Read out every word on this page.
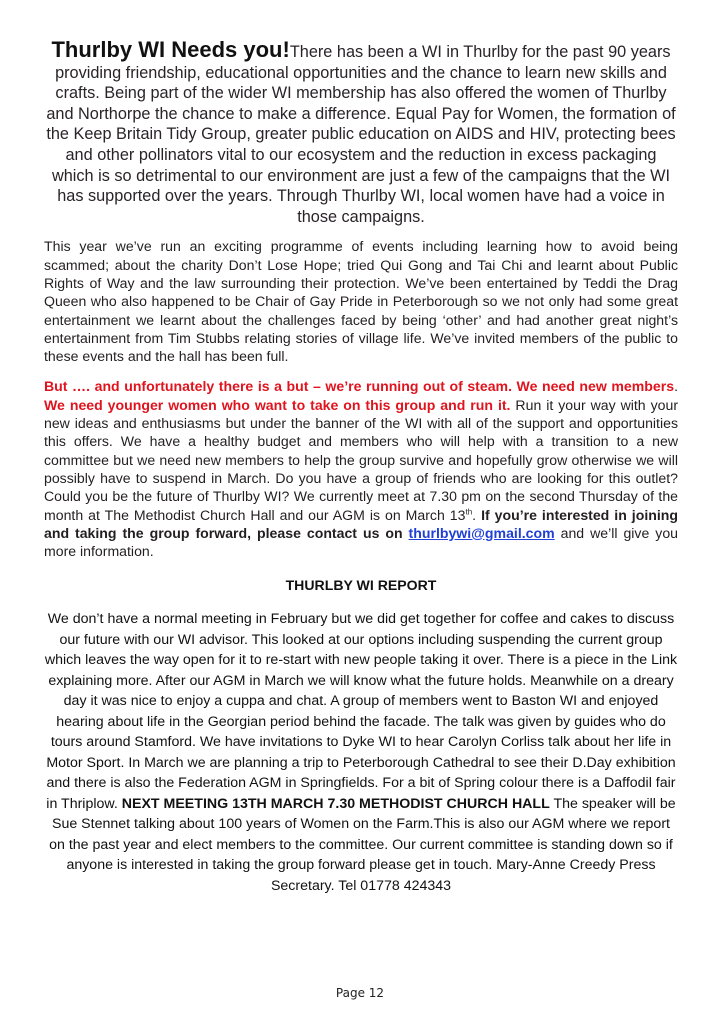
Thurlby WI Needs you!There has been a WI in Thurlby for the past 90 years providing friendship, educational opportunities and the chance to learn new skills and crafts. Being part of the wider WI membership has also offered the women of Thurlby and Northorpe the chance to make a difference. Equal Pay for Women, the formation of the Keep Britain Tidy Group, greater public education on AIDS and HIV, protecting bees and other pollinators vital to our ecosystem and the reduction in excess packaging which is so detrimental to our environment are just a few of the campaigns that the WI has supported over the years. Through Thurlby WI, local women have had a voice in those campaigns.

This year we’ve run an exciting programme of events including learning how to avoid being scammed; about the charity Don’t Lose Hope; tried Qui Gong and Tai Chi and learnt about Public Rights of Way and the law surrounding their protection. We’ve been entertained by Teddi the Drag Queen who also happened to be Chair of Gay Pride in Peterborough so we not only had some great entertainment we learnt about the challenges faced by being ‘other’ and had another great night’s entertainment from Tim Stubbs relating stories of village life. We’ve invited members of the public to these events and the hall has been full.

But …. and unfortunately there is a but – we’re running out of steam. We need new members. We need younger women who want to take on this group and run it. Run it your way with your new ideas and enthusiasms but under the banner of the WI with all of the support and opportunities this offers. We have a healthy budget and members who will help with a transition to a new committee but we need new members to help the group survive and hopefully grow otherwise we will possibly have to suspend in March. Do you have a group of friends who are looking for this outlet? Could you be the future of Thurlby WI? We currently meet at 7.30 pm on the second Thursday of the month at The Methodist Church Hall and our AGM is on March 13th. If you’re interested in joining and taking the group forward, please contact us on thurlbywi@gmail.com and we’ll give you more information.

THURLBY WI REPORT

We don’t have a normal meeting in February but we did get together for coffee and cakes to discuss our future with our WI advisor. This looked at our options including suspending the current group which leaves the way open for it to re-start with new people taking it over. There is a piece in the Link explaining more. After our AGM in March we will know what the future holds. Meanwhile on a dreary day it was nice to enjoy a cuppa and chat. A group of members went to Baston WI and enjoyed hearing about life in the Georgian period behind the facade. The talk was given by guides who do tours around Stamford. We have invitations to Dyke WI to hear Carolyn Corliss talk about her life in Motor Sport. In March we are planning a trip to Peterborough Cathedral to see their D.Day exhibition and there is also the Federation AGM in Springfields. For a bit of Spring colour there is a Daffodil fair in Thriplow. NEXT MEETING 13TH MARCH 7.30 METHODIST CHURCH HALL The speaker will be Sue Stennet talking about 100 years of Women on the Farm.This is also our AGM where we report on the past year and elect members to the committee. Our current committee is standing down so if anyone is interested in taking the group forward please get in touch. Mary-Anne Creedy Press Secretary. Tel 01778 424343

Page 12
